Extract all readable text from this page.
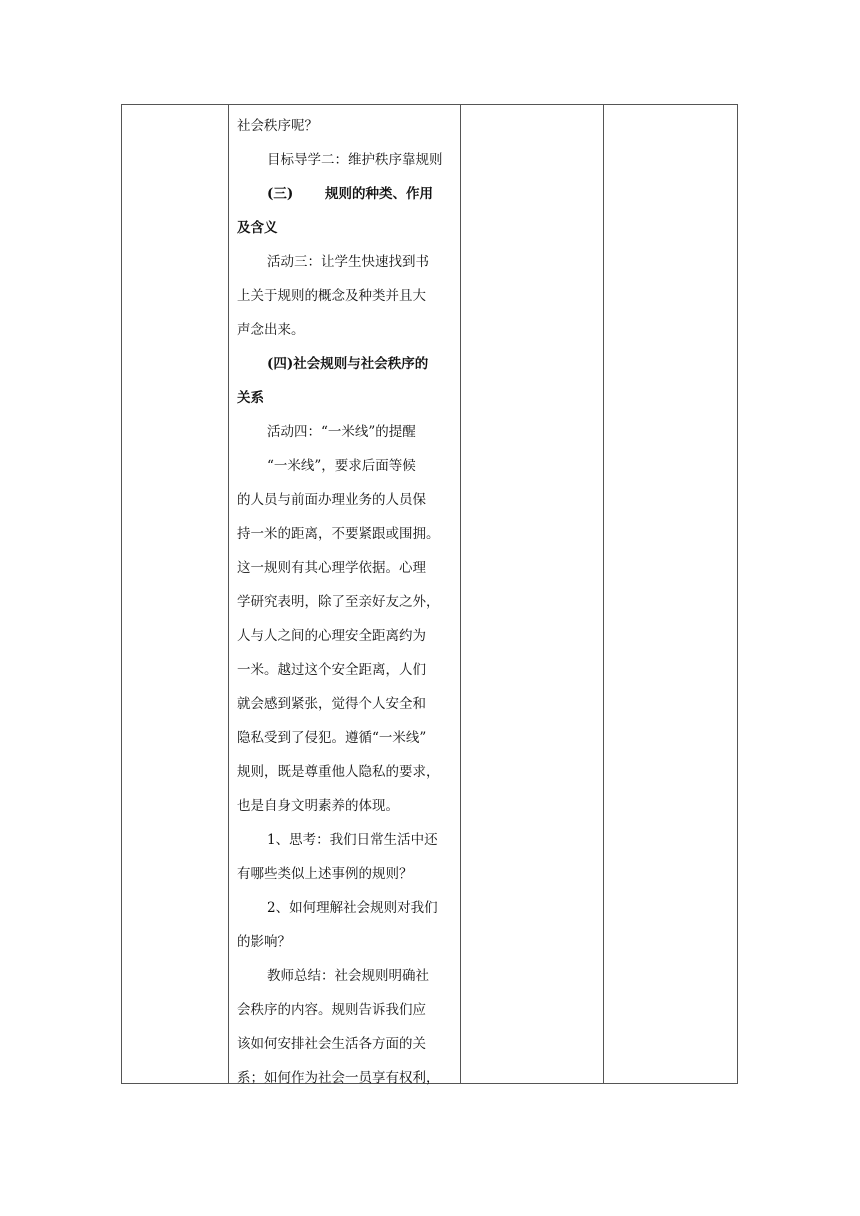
社会秩序呢？
目标导学二：维护秩序靠规则
(三)	规则的种类、作用
及含义
活动三：让学生快速找到书
上关于规则的概念及种类并且大
声念出来。
(四)社会规则与社会秩序的
关系
活动四：“一米线”的提醒
“一米线”，要求后面等候
的人员与前面办理业务的人员保
持一米的距离，不要紧跟或围拥。
这一规则有其心理学依据。心理
学研究表明，除了至亲好友之外，
人与人之间的心理安全距离约为
一米。越过这个安全距离，人们
就会感到紧张，觉得个人安全和
隐私受到了侵犯。遵循“一米线”
规则，既是尊重他人隐私的要求，
也是自身文明素养的体现。
1、思考：我们日常生活中还
有哪些类似上述事例的规则？
2、如何理解社会规则对我们
的影响？
教师总结：社会规则明确社
会秩序的内容。规则告诉我们应
该如何安排社会生活各方面的关
系；如何作为社会一员享有权利，
